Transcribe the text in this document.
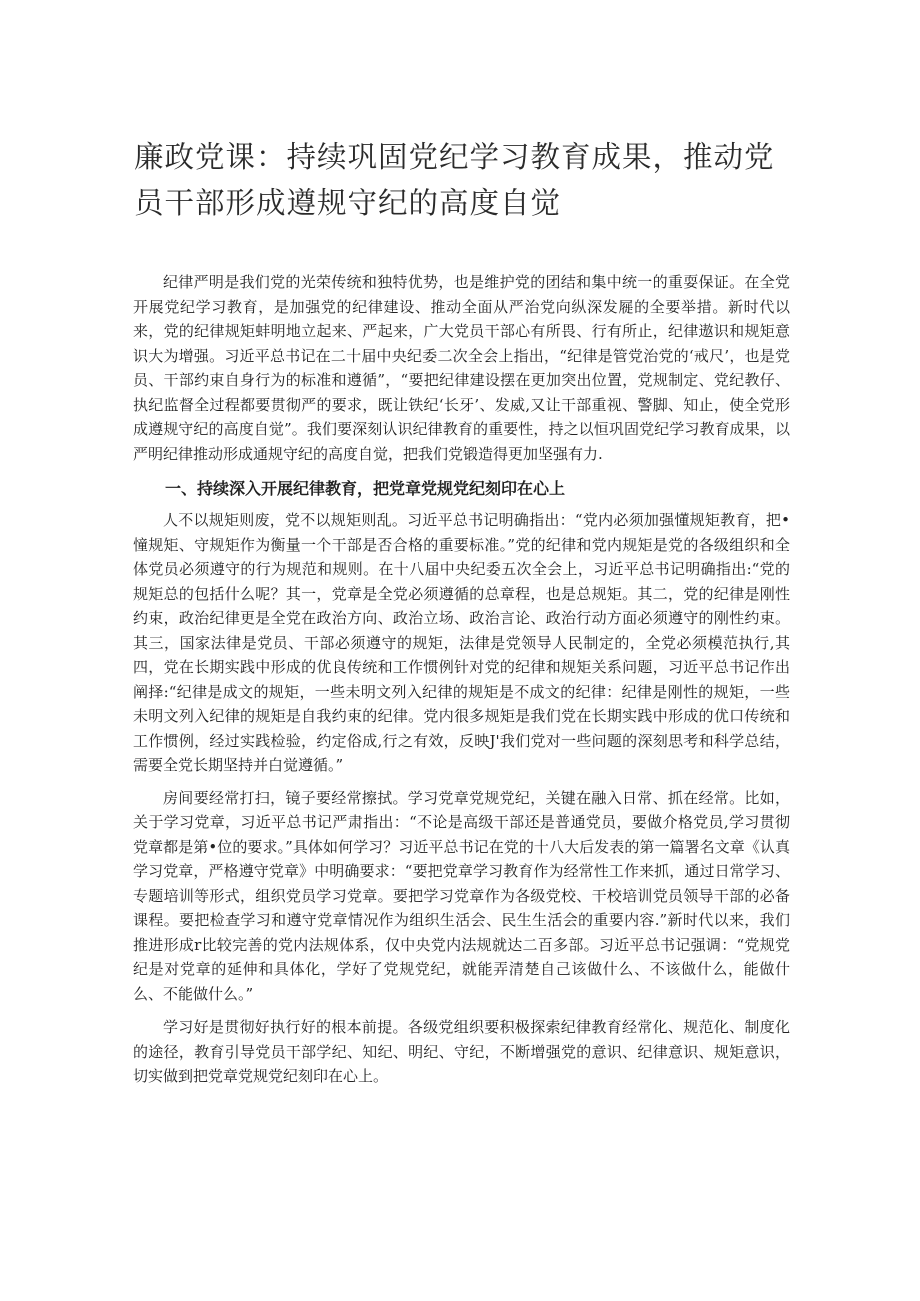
廉政党课：持续巩固党纪学习教育成果，推动党员干部形成遵规守纪的高度自觉

纪律严明是我们党的光荣传统和独特优势，也是维护党的团结和集中统一的重耍保证。在全党开展党纪学习教育，是加强党的纪律建设、推动全面从严治党向纵深发屣的全要举措。新时代以来，党的纪律规矩蚌明地立起来、严起来，广大党员干部心有所畏、行有所止，纪律遨识和规矩意识大为增强。习近平总书记在二十届中央纪委二次全会上指出，“纪律是管党治党的‘戒尺’，也是党员、干部约束自身行为的标准和遵循”，“要把纪律建设摆在更加突出位置，党规制定、党纪教仔、执纪监督全过程都要贯彻严的要求，既让铁纪‘长牙’、发威,又让干部重视、警脚、知止，使全党形成遵规守纪的高度自觉”。我们要深刻认识纪律教育的重要性，持之以恒巩固党纪学习教育成果，以严明纪律推动形成通规守纪的高度自觉，把我们党锻造得更加坚强有力.

一、持续深入开展纪律教育，把党章党规党纪刻印在心上

人不以规矩则废，党不以规矩则乱。习近平总书记明确指出：“党内必须加强懂规矩教育，把•憧规矩、守规矩作为衡量一个干部是否合格的重要标准。”党的纪律和党内规矩是党的各级组织和全体党员必须遵守的行为规范和规则。在十八届中央纪委五次全会上，习近平总书记明确指出:“党的规矩总的包括什么呢？其一，党章是全党必须遵循的总章程，也是总规矩。其二，党的纪律是刚性约束，政治纪律更是全党在政治方向、政治立场、政治言论、政治行动方面必须遵守的刚性约束。其三，国家法律是党员、干部必须遵守的规矩，法律是党领导人民制定的，全党必须模范执行,其四，党在长期实践中形成的优良传统和工作惯例针对党的纪律和规矩关系问题，习近平总书记作出阐择:“纪律是成文的规矩，一些未明文列入纪律的规矩是不成文的纪律：纪律是刚性的规矩，一些未明文列入纪律的规矩是自我约束的纪律。党内很多规矩是我们党在长期实践中形成的优口传统和工作惯例，经过实践检验，约定俗成,行之有效，反映J'我们党对一些问题的深刻思考和科学总结，需要全党长期坚持并白觉遵循。”

房间要经常打扫，镜子要经常擦拭。学习党章党规党纪，关键在融入日常、抓在经常。比如，关于学习党章，习近平总书记严肃指出：“不论是高级干部还是普通党员，要做介格党员,学习贯彻党章都是第•位的要求。”具体如何学习？习近平总书记在党的十八大后发表的第一篇署名文章《认真学习党章，严格遵守党章》中明确要求：“要把党章学习教育作为经常性工作来抓，通过日常学习、专题培训等形式，组织党员学习党章。要把学习党章作为各级党校、干校培训党员领导干部的必备课程。要把检查学习和遵守党章情况作为组织生活会、民生生活会的重要内容.”新时代以来，我们推进形成r比较完善的党内法规体系，仅中央党内法规就达二百多部。习近平总书记强调：“党规党纪是对党章的延伸和具体化，学好了党规党纪，就能弄清楚自己该做什么、不该做什么，能做什么、不能做什么。”

学习好是贯彻好执行好的根本前提。各级党组织要积极探索纪律教育经常化、规范化、制度化的途径，教育引导党员干部学纪、知纪、明纪、守纪，不断增强党的意识、纪律意识、规矩意识，切实做到把党章党规党纪刻印在心上。
